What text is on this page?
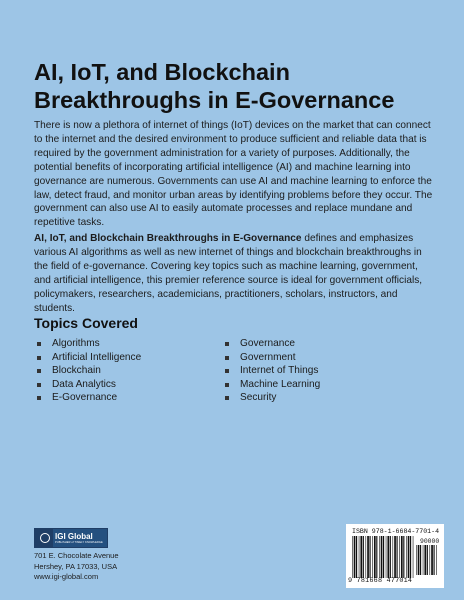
AI, IoT, and Blockchain
Breakthroughs in E-Governance

There is now a plethora of internet of things (IoT) devices on the market that can connect to the internet and the desired environment to produce sufficient and reliable data that is required by the government administration for a variety of purposes. Additionally, the potential benefits of incorporating artificial intelligence (AI) and machine learning into governance are numerous. Governments can use AI and machine learning to enforce the law, detect fraud, and monitor urban areas by identifying problems before they occur. The government can also use AI to easily automate processes and replace mundane and repetitive tasks.

AI, IoT, and Blockchain Breakthroughs in E-Governance defines and emphasizes various AI algorithms as well as new internet of things and blockchain breakthroughs in the field of e-governance. Covering key topics such as machine learning, government, and artificial intelligence, this premier reference source is ideal for government officials, policymakers, researchers, academicians, practitioners, scholars, instructors, and students.

Topics Covered
Algorithms
Artificial Intelligence
Blockchain
Data Analytics
E-Governance
Governance
Government
Internet of Things
Machine Learning
Security
IGI Global
PUBLISHER of TIMELY KNOWLEDGE
701 E. Chocolate Avenue
Hershey, PA 17033, USA
www.igi-global.com
ISBN 978-1-6684-7701-4
90000
9 781668 477014
